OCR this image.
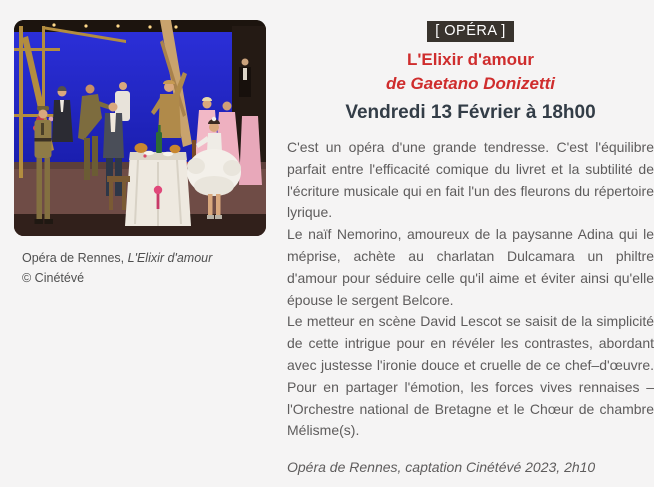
Opéra de Rennes, L'Elixir d'amour
© Cinétévé
[ OPÉRA ]
L'Elixir d'amour
de Gaetano Donizetti
Vendredi 13 Février à 18h00

C'est un opéra d'une grande tendresse. C'est l'équilibre parfait entre l'efficacité comique du livret et la subtilité de l'écriture musicale qui en fait l'un des fleurons du répertoire lyrique.

Le naïf Nemorino, amoureux de la paysanne Adina qui le méprise, achète au charlatan Dulcamara un philtre d'amour pour séduire celle qu'il aime et éviter ainsi qu'elle épouse le sergent Belcore.

Le metteur en scène David Lescot se saisit de la simplicité de cette intrigue pour en révéler les contrastes, abordant avec justesse l'ironie douce et cruelle de ce chef–d'œuvre. Pour en partager l'émotion, les forces vives rennaises – l'Orchestre national de Bretagne et le Chœur de chambre Mélisme(s).

Opéra de Rennes, captation Cinétévé 2023, 2h10
